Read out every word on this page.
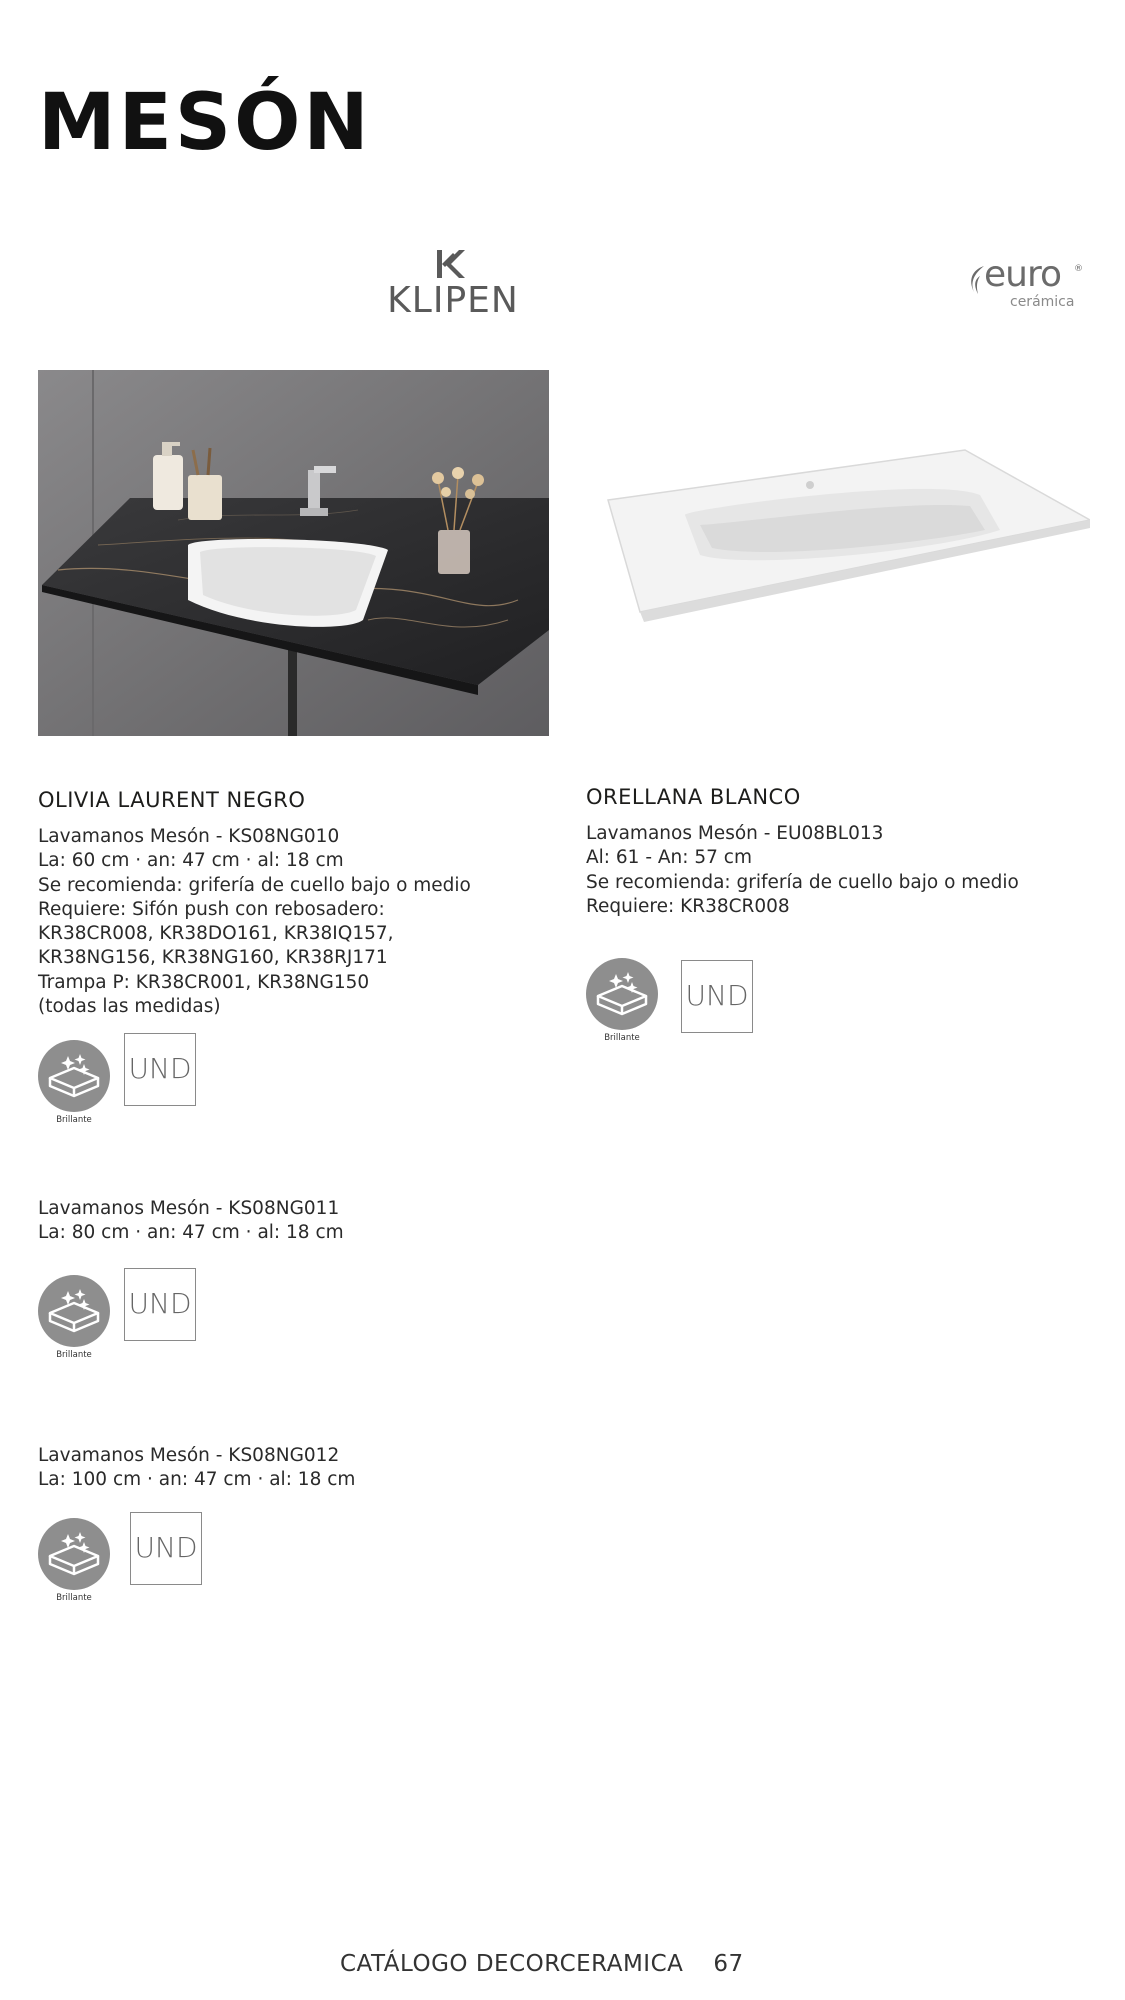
MESÓN
KLIPEN
euro ®
cerámica
OLIVIA LAURENT NEGRO
Lavamanos Mesón - KS08NG010
La: 60 cm · an: 47 cm · al: 18 cm
Se recomienda: grifería de cuello bajo o medio
Requiere: Sifón push con rebosadero:
KR38CR008, KR38DO161, KR38IQ157,
KR38NG156, KR38NG160, KR38RJ171
Trampa P: KR38CR001, KR38NG150
(todas las medidas)
Brillante
UND
ORELLANA BLANCO
Lavamanos Mesón - EU08BL013
Al: 61 - An: 57 cm
Se recomienda: grifería de cuello bajo o medio
Requiere: KR38CR008
Brillante
UND
Lavamanos Mesón - KS08NG011
La: 80 cm · an: 47 cm · al: 18 cm
Brillante
UND
Lavamanos Mesón - KS08NG012
La: 100 cm · an: 47 cm · al: 18 cm
Brillante
UND
CATÁLOGO DECORCERAMICA 67
